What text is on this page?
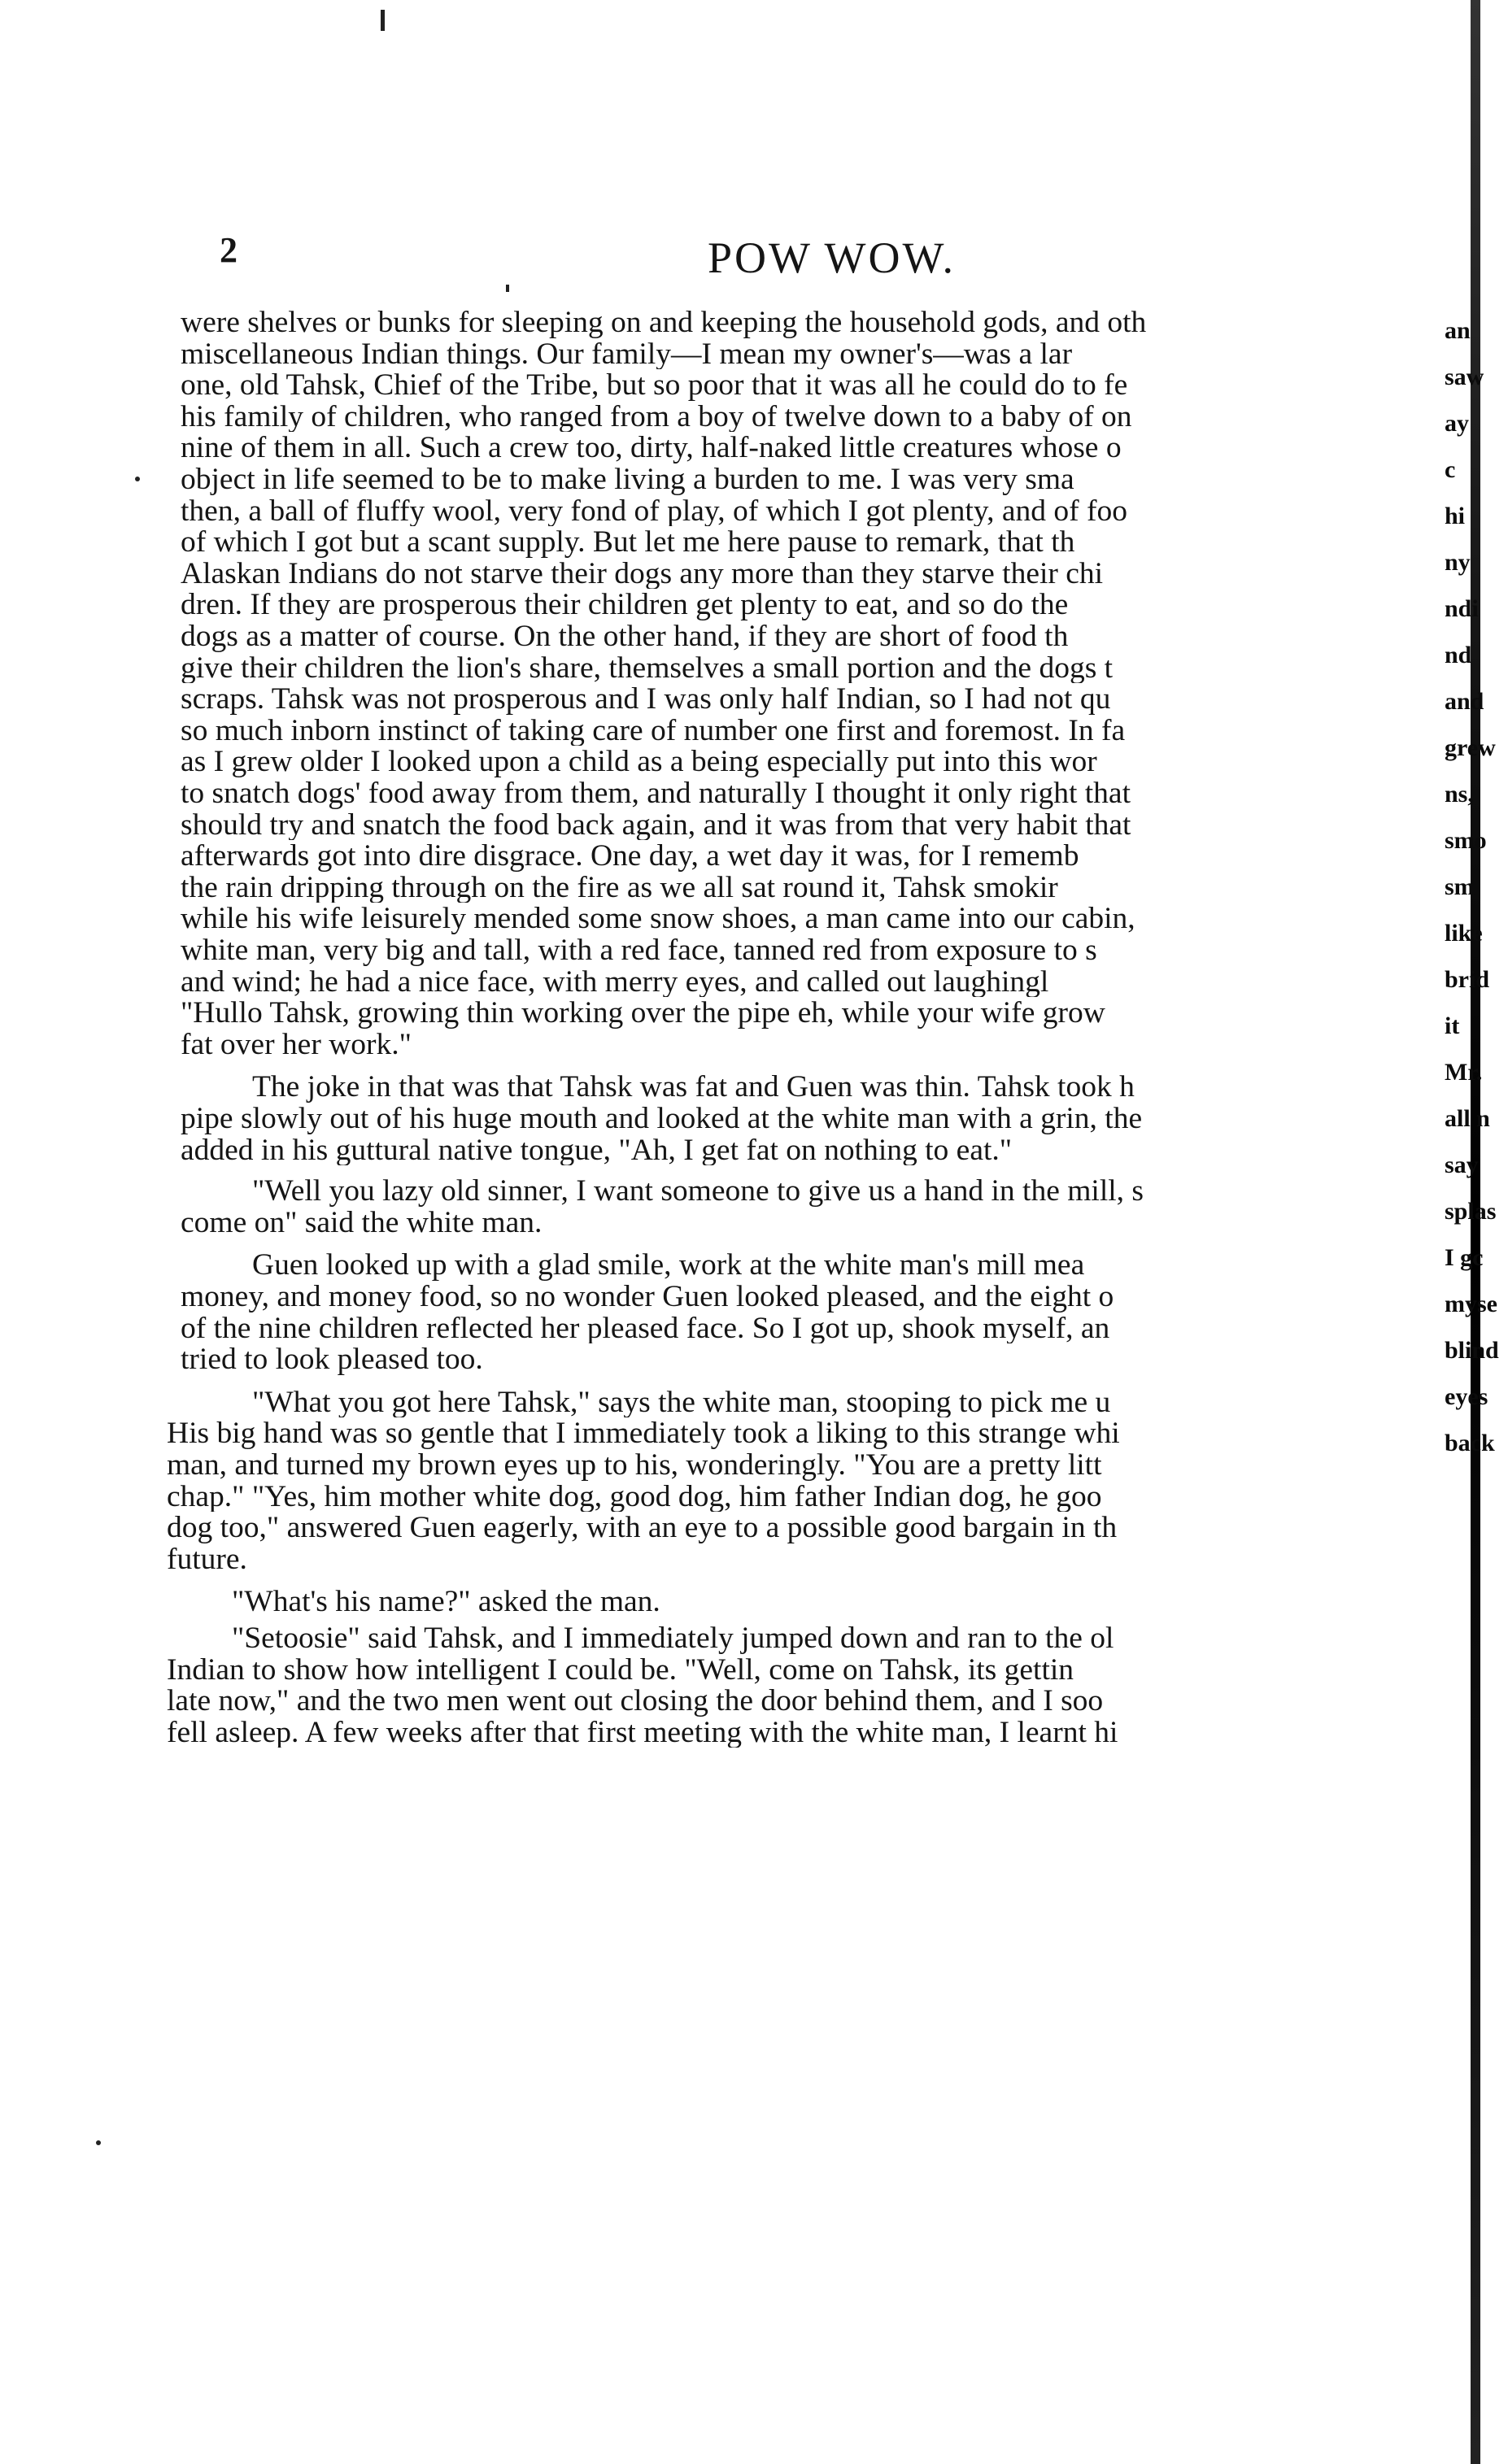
2	POW WOW.
were shelves or bunks for sleeping on and keeping the household gods, and oth
miscellaneous Indian things. Our family—I mean my owner's—was a lar
one, old Tahsk, Chief of the Tribe, but so poor that it was all he could do to fe
his family of children, who ranged from a boy of twelve down to a baby of on
nine of them in all. Such a crew too, dirty, half-naked little creatures whose o
object in life seemed to be to make living a burden to me. I was very sma
then, a ball of fluffy wool, very fond of play, of which I got plenty, and of foo
of which I got but a scant supply. But let me here pause to remark, that th
Alaskan Indians do not starve their dogs any more than they starve their chi
dren. If they are prosperous their children get plenty to eat, and so do the
dogs as a matter of course. On the other hand, if they are short of food th
give their children the lion's share, themselves a small portion and the dogs t
scraps. Tahsk was not prosperous and I was only half Indian, so I had not qu
so much inborn instinct of taking care of number one first and foremost. In fa
as I grew older I looked upon a child as a being especially put into this wor
to snatch dogs' food away from them, and naturally I thought it only right that
should try and snatch the food back again, and it was from that very habit that
afterwards got into dire disgrace. One day, a wet day it was, for I rememb
the rain dripping through on the fire as we all sat round it, Tahsk smokir
while his wife leisurely mended some snow shoes, a man came into our cabin,
white man, very big and tall, with a red face, tanned red from exposure to s
and wind; he had a nice face, with merry eyes, and called out laughingl
"Hullo Tahsk, growing thin working over the pipe eh, while your wife grow
fat over her work."
The joke in that was that Tahsk was fat and Guen was thin. Tahsk took h
pipe slowly out of his huge mouth and looked at the white man with a grin, the
added in his guttural native tongue, "Ah, I get fat on nothing to eat."
"Well you lazy old sinner, I want someone to give us a hand in the mill, s
come on" said the white man.
Guen looked up with a glad smile, work at the white man's mill mea
money, and money food, so no wonder Guen looked pleased, and the eight o
of the nine children reflected her pleased face. So I got up, shook myself, an
tried to look pleased too.
"What you got here Tahsk," says the white man, stooping to pick me u
His big hand was so gentle that I immediately took a liking to this strange whi
man, and turned my brown eyes up to his, wonderingly. "You are a pretty litt
chap." "Yes, him mother white dog, good dog, him father Indian dog, he goo
dog too," answered Guen eagerly, with an eye to a possible good bargain in th
future.
"What's his name?" asked the man.
"Setoosie" said Tahsk, and I immediately jumped down and ran to the ol
Indian to show how intelligent I could be. "Well, come on Tahsk, its gettin
late now," and the two men went out closing the door behind them, and I soo
fell asleep. A few weeks after that first meeting with the white man, I learnt hi
an
saw
ay
c
hi
ny
ndi
nd
and
grew
ns,
smo
sm
like
brid
it
Mr.
all n
say
splas
I gc
myse
blind
eyes
back
